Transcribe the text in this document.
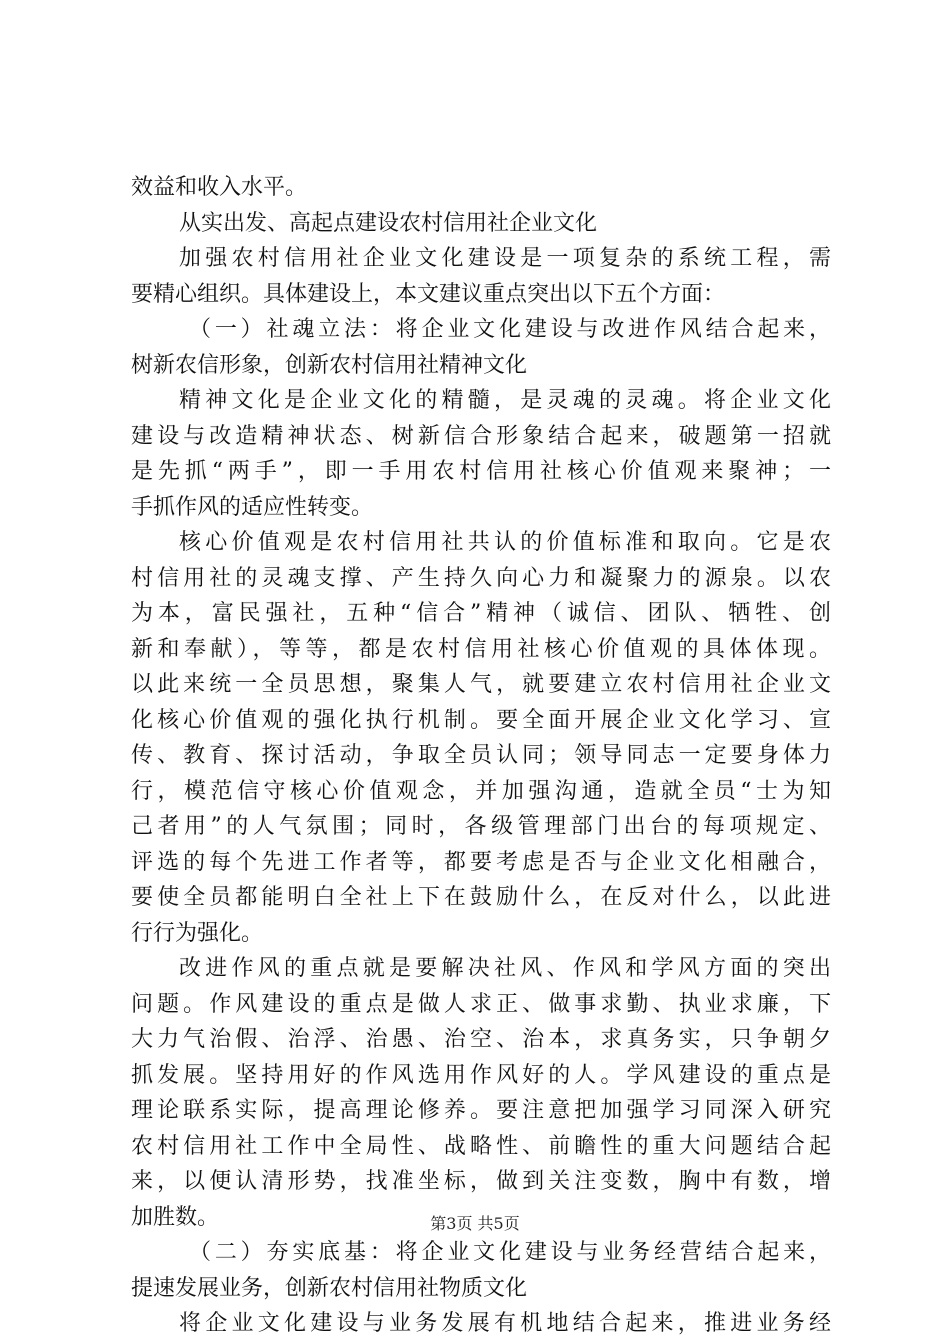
效益和收入水平。
从实出发、高起点建设农村信用社企业文化
加强农村信用社企业文化建设是一项复杂的系统工程，需
要精心组织。具体建设上，本文建议重点突出以下五个方面：
（一）社魂立法：将企业文化建设与改进作风结合起来，
树新农信形象，创新农村信用社精神文化
精神文化是企业文化的精髓，是灵魂的灵魂。将企业文化
建设与改造精神状态、树新信合形象结合起来，破题第一招就
是先抓“两手”，即一手用农村信用社核心价值观来聚神；一
手抓作风的适应性转变。
核心价值观是农村信用社共认的价值标准和取向。它是农
村信用社的灵魂支撑、产生持久向心力和凝聚力的源泉。以农
为本，富民强社，五种“信合”精神（诚信、团队、牺牲、创
新和奉献），等等，都是农村信用社核心价值观的具体体现。
以此来统一全员思想，聚集人气，就要建立农村信用社企业文
化核心价值观的强化执行机制。要全面开展企业文化学习、宣
传、教育、探讨活动，争取全员认同；领导同志一定要身体力
行，模范信守核心价值观念，并加强沟通，造就全员“士为知
己者用”的人气氛围；同时，各级管理部门出台的每项规定、
评选的每个先进工作者等，都要考虑是否与企业文化相融合，
要使全员都能明白全社上下在鼓励什么，在反对什么，以此进
行行为强化。
改进作风的重点就是要解决社风、作风和学风方面的突出
问题。作风建设的重点是做人求正、做事求勤、执业求廉，下
大力气治假、治浮、治愚、治空、治本，求真务实，只争朝夕
抓发展。坚持用好的作风选用作风好的人。学风建设的重点是
理论联系实际，提高理论修养。要注意把加强学习同深入研究
农村信用社工作中全局性、战略性、前瞻性的重大问题结合起
来，以便认清形势，找准坐标，做到关注变数，胸中有数，增
加胜数。
（二）夯实底基：将企业文化建设与业务经营结合起来，
提速发展业务，创新农村信用社物质文化
将企业文化建设与业务发展有机地结合起来，推进业务经
第3页 共5页
